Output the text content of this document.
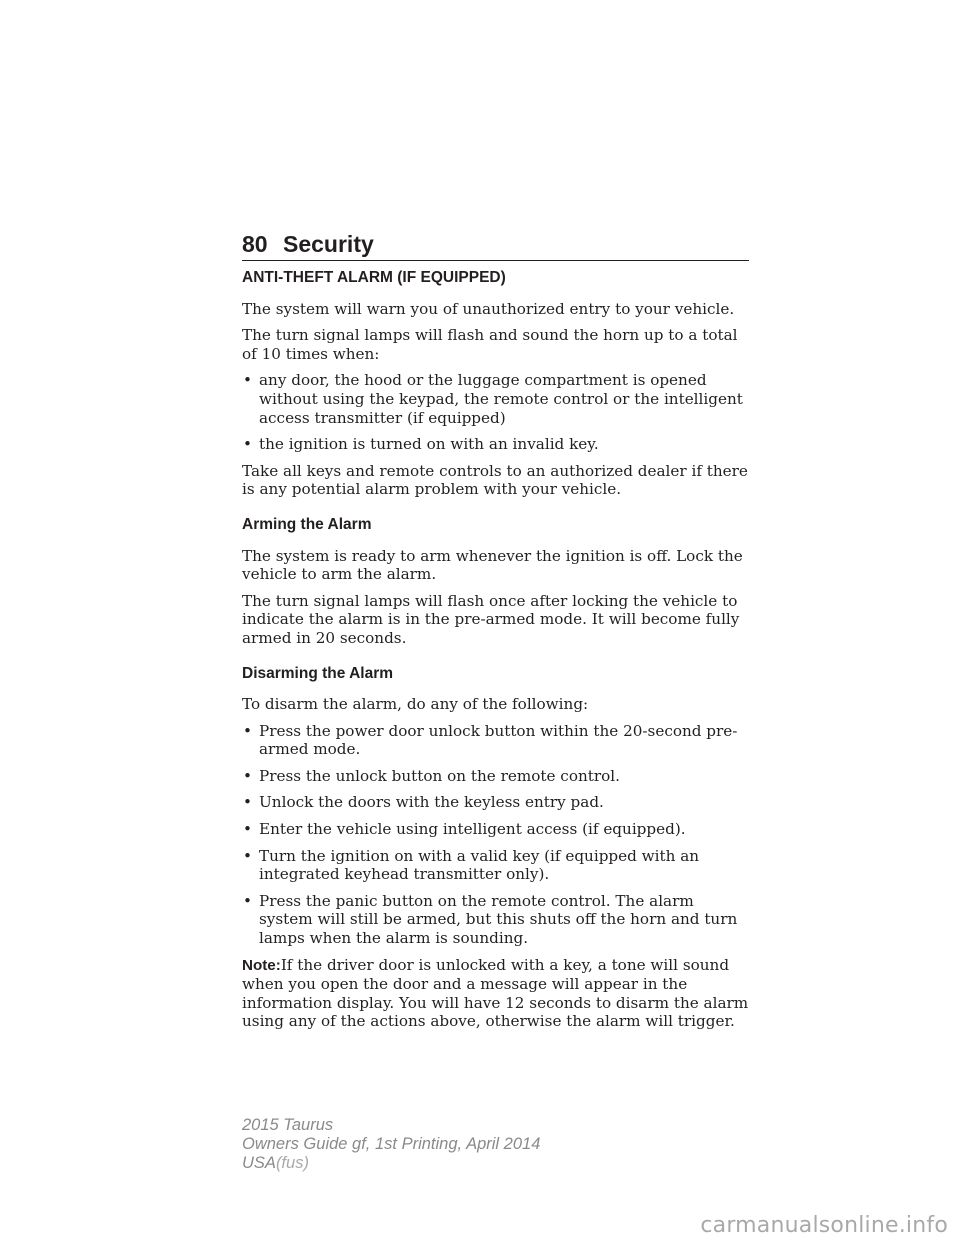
80 Security
ANTI-THEFT ALARM (IF EQUIPPED)

The system will warn you of unauthorized entry to your vehicle.

The turn signal lamps will flash and sound the horn up to a total of 10 times when:

• any door, the hood or the luggage compartment is opened without using the keypad, the remote control or the intelligent access transmitter (if equipped)
• the ignition is turned on with an invalid key.

Take all keys and remote controls to an authorized dealer if there is any potential alarm problem with your vehicle.

Arming the Alarm

The system is ready to arm whenever the ignition is off. Lock the vehicle to arm the alarm.

The turn signal lamps will flash once after locking the vehicle to indicate the alarm is in the pre-armed mode. It will become fully armed in 20 seconds.

Disarming the Alarm

To disarm the alarm, do any of the following:

• Press the power door unlock button within the 20-second pre-armed mode.
• Press the unlock button on the remote control.
• Unlock the doors with the keyless entry pad.
• Enter the vehicle using intelligent access (if equipped).
• Turn the ignition on with a valid key (if equipped with an integrated keyhead transmitter only).
• Press the panic button on the remote control. The alarm system will still be armed, but this shuts off the horn and turn lamps when the alarm is sounding.

Note:If the driver door is unlocked with a key, a tone will sound when you open the door and a message will appear in the information display. You will have 12 seconds to disarm the alarm using any of the actions above, otherwise the alarm will trigger.

2015 Taurus
Owners Guide gf, 1st Printing, April 2014
USA(fus)
carmanualsonline.info
